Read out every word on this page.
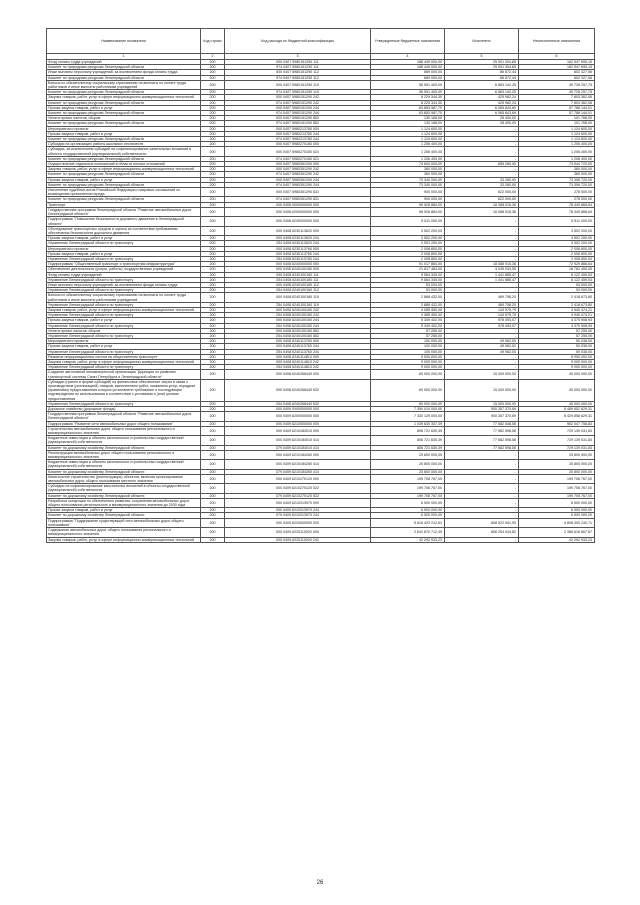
Наименование показателя	Код строки	Код расхода по бюджетной классификации	Утвержденные бюджетные назначения	Исполнено	Неисполненные назначения
1	2	3	4	5	6
Фонд оплаты труда учреждений	200	000 0407 5980151290 111	188 449 000,00	25 901 304,85	162 547 695,15
Комитет по природным ресурсам Ленинградской области	200	974 0407 5980151290 111	188 449 000,00	25 901 304,85	162 547 695,15
Иные выплаты персоналу учреждений, за исключением фонда оплаты труда	200	000 0407 5980151290 112	689 000,00	86 672,44	602 327,56
Комитет по природным ресурсам Ленинградской области	200	974 0407 5980151290 112	689 000,00	86 672,44	602 327,56
Взносы по обязательному социальному страхованию на выплаты по оплате труда работников и иные выплаты работникам учреждений	200	000 0407 5980151290 119	56 591 400,00	6 863 142,25	49 728 257,75
Комитет по природным ресурсам Ленинградской области	200	974 0407 5980151290 119	56 591 400,00	6 863 142,25	49 728 257,75
Закупка товаров, работ, услуг в сфере информационно-коммуникационных технологий	200	000 0407 5980151290 242	8 229 344,30	425 982,24	7 803 362,06
Комитет по природным ресурсам Ленинградской области	200	974 0407 5980151290 242	8 229 344,30	425 982,24	7 803 362,06
Прочая закупка товаров, работ и услуг	200	000 0407 5980151290 244	63 853 987,70	6 065 843,69	57 788 144,01
Комитет по природным ресурсам Ленинградской области	200	974 0407 5980151290 244	63 853 987,70	6 065 843,69	57 788 144,01
Уплата прочих налогов, сборов	200	000 0407 5980151290 852	130 168,00	28 400,00	101 768,00
Комитет по природным ресурсам Ленинградской области	200	974 0407 5980151290 852	130 168,00	28 400,00	101 768,00
Мероприятия и проекты	200	000 0407 5980213780 000	1 124 600,00	-	1 124 600,00
Прочая закупка товаров, работ и услуг	200	000 0407 5980213780 244	1 124 600,00	-	1 124 600,00
Комитет по природным ресурсам Ленинградской области	200	974 0407 5980213780 244	1 124 600,00	-	1 124 600,00
Субсидии на организацию работы школьных лесничеств	200	000 0407 5980270160 000	1 206 400,00	-	1 206 400,00
Субсидии, за исключением субсидий на софинансирование капитальных вложений в объекты государственной (муниципальной) собственности	200	000 0407 5980270160 521	1 206 400,00	-	1 206 400,00
Комитет по природным ресурсам Ленинградской области	200	974 0407 5980270160 521	1 206 400,00	-	1 206 400,00
Осуществление отдельных полномочий в области лесных отношений	200	000 0407 5980351290 000	74 600 000,00	655 280,00	73 944 720,00
Закупка товаров, работ, услуг в сфере информационно-коммуникационных технологий	200	000 0407 5980351290 242	360 000,00	-	360 000,00
Комитет по природным ресурсам Ленинградской области	200	974 0407 5980351290 242	360 000,00	-	360 000,00
Прочая закупка товаров, работ и услуг	200	000 0407 5980351290 244	73 340 000,00	33 280,00	73 306 720,00
Комитет по природным ресурсам Ленинградской области	200	974 0407 5980351290 244	73 340 000,00	33 280,00	73 306 720,00
Исполнение судебных актов Российской Федерации и мировых соглашений по возмещению причиненного вреда	200	000 0407 5980351290 831	900 000,00	622 000,00	278 000,00
Комитет по природным ресурсам Ленинградской области	200	974 0407 5980351290 831	900 000,00	622 000,00	278 000,00
Транспорт	200	000 0408 0000000000 000	96 528 884,00	18 088 015,36	78 440 868,64
Государственная программа Ленинградской области "Развитие автомобильных дорог Ленинградской области"	200	000 0408 6200000000 000	96 528 884,00	18 088 015,36	78 440 868,64
Подпрограмма "Повышение безопасности дорожного движения в Ленинградской области"	200	000 0408 6230000000 000	5 511 000,00	-	5 511 000,00
Обследование транспортных средств и оценка их соответствия требованиям обеспечения безопасности дорожного движения	200	000 0408 6230113620 000	3 502 200,00	-	3 502 200,00
Прочая закупка товаров, работ и услуг	200	000 0408 6230113620 244	3 502 200,00	-	3 502 200,00
Управление Ленинградской области по транспорту	200	254 0408 6230113620 244	3 502 200,00	-	3 502 200,00
Мероприятия и проекты	200	000 0408 6230113760 000	2 008 800,00	-	2 008 800,00
Прочая закупка товаров, работ и услуг	200	000 0408 6230113760 244	2 008 800,00	-	2 008 800,00
Управление Ленинградской области по транспорту	200	254 0408 6230113760 244	2 008 800,00	-	2 008 800,00
Подпрограмма "Общественный транспорт и транспортная инфраструктура"	200	000 0408 6240000000 000	91 017 884,00	18 088 015,36	72 929 868,64
Обеспечение деятельности (услуги, работы) государственных учреждений	200	000 0408 6240100160 000	21 817 484,00	3 035 033,95	18 782 450,05
Фонд оплаты труда учреждений	200	000 0408 6240100160 111	9 564 345,00	1 441 885,47	8 122 459,53
Управление Ленинградской области по транспорту	200	254 0408 6240100160 111	9 564 345,00	1 441 885,47	8 122 459,53
Иные выплаты персоналу учреждений, за исключением фонда оплаты труда	200	000 0408 6240100160 112	53 000,00	-	53 000,00
Управление Ленинградской области по транспорту	200	254 0408 6240100160 112	53 000,00	-	53 000,00
Взносы по обязательному социальному страхованию на выплаты по оплате труда работников и иные выплаты работникам учреждений	200	000 0408 6240100160 119	2 888 432,00	469 758,20	2 418 673,80
Управление Ленинградской области по транспорту	200	254 0408 6240100160 119	2 888 432,00	469 758,20	2 418 673,80
Закупка товаров, работ, услуг в сфере информационно-коммуникационных технологий	200	000 0408 6240100160 242	4 085 450,00	144 975,79	3 940 474,21
Управление Ленинградской области по транспорту	200	254 0408 6240100160 242	4 085 450,00	144 975,79	3 940 474,21
Прочая закупка товаров, работ и услуг	200	000 0408 6240100160 244	5 349 402,00	978 493,07	4 370 908,93
Управление Ленинградской области по транспорту	200	254 0408 6240100160 244	5 349 402,00	978 493,07	4 370 908,93
Уплата прочих налогов, сборов	200	000 0408 6240100160 852	57 255,00	-	57 255,00
Управление Ленинградской области по транспорту	200	254 0408 6240100160 852	57 255,00	-	57 255,00
Мероприятия и проекты	200	000 0408 6240113760 000	100 000,00	49 962,00	50 038,00
Прочая закупка товаров, работ и услуг	200	000 0408 6240113760 244	100 000,00	49 962,00	50 038,00
Управление Ленинградской области по транспорту	200	254 0408 6240113760 244	100 000,00	49 962,00	50 038,00
Развитие информационных систем на общественном транспорте	200	000 0408 6240114810 000	9 000 000,00	-	9 000 000,00
Закупка товаров, работ, услуг в сфере информационно-коммуникационных технологий	200	000 0408 6240114810 242	9 000 000,00	-	9 000 000,00
Управление Ленинградской области по транспорту	200	254 0408 6240114810 242	9 000 000,00	-	9 000 000,00
Создание автономной некоммерческой организации "Дирекция по развитию транспортной системы Санкт-Петербурга и Ленинградской области"	200	000 0408 6240266440 000	60 000 000,00	15 000 000,00	45 000 000,00
Субсидии (гранты в форме субсидий) на финансовое обеспечение затрат в связи с производством (реализацией) товаров, выполнением работ, оказанием услуг, порядком (правилами) предоставления которых установлено требование о последующем подтверждении их использования в соответствии с условиями и (или) целями предоставления	200	000 0408 6240266440 632	60 000 000,00	15 000 000,00	45 000 000,00
Управление Ленинградской области по транспорту	200	254 0408 6240266440 632	60 000 000,00	15 000 000,00	45 000 000,00
Дорожное хозяйство (дорожные фонды)	200	000 0409 0000000000 000	7 390 010 000,00	900 357 370,69	6 489 652 629,31
Государственная программа Ленинградской области "Развитие автомобильных дорог Ленинградской области"	200	000 0409 6200000000 000	7 330 129 000,00	900 357 370,69	6 429 858 629,31
Подпрограмма "Развитие сети автомобильных дорог общего пользования"	200	000 0409 6210000000 000	1 039 630 307,39	77 582 548,56	962 047 758,83
Строительство автомобильных дорог общего пользования регионального и межмуниципального значения	200	000 0409 6210184010 000	806 721 630,39	77 582 598,56	729 139 031,83
Бюджетные инвестиции в объекты капитального строительства государственной (муниципальной) собственности	200	000 0409 6210184010 414	806 721 630,39	77 582 598,56	729 139 031,83
Комитет по дорожному хозяйству Ленинградской области	200	079 0409 6210184010 414	806 721 630,39	77 582 598,56	729 139 031,83
Реконструкция автомобильных дорог общего пользования регионального и межмуниципального значения	200	000 0409 6210184260 000	25 800 000,00	-	25 800 000,00
Бюджетные инвестиции в объекты капитального строительства государственной (муниципальной) собственности	200	000 0409 6210184260 414	25 800 000,00	-	25 800 000,00
Комитет по дорожному хозяйству Ленинградской области	200	079 0409 6210184260 414	25 800 000,00	-	25 800 000,00
Капитальное строительство (реконструкция) объектов, включая проектирование автомобильных дорог общего пользования местного значения	200	000 0409 6210270120 000	199 708 767,00	-	199 708 767,00
Субсидии на софинансирование капитальных вложений в объекты государственной (муниципальной) собственности	200	000 0409 6210270120 522	199 708 767,00	-	199 708 767,00
Комитет по дорожному хозяйству Ленинградской области	200	079 0409 6210270120 522	199 708 767,00	-	199 708 767,00
Разработка концепции по обеспечению развития, сохранения автомобильных дорог общего пользования регионального и межмуниципального значения до 2030 года	200	000 0409 6210313970 000	6 500 000,00	-	6 500 000,00
Прочая закупка товаров, работ и услуг	200	000 0409 6210313970 244	6 500 000,00	-	6 500 000,00
Комитет по дорожному хозяйству Ленинградской области	200	079 0409 6210313970 244	6 500 000,00	-	6 500 000,00
Подпрограмма "Поддержание существующей сети автомобильных дорог общего пользования"	200	000 0409 6220000000 000	5 616 423 212,61	808 022 941,90	4 808 400 240,71
Содержание автомобильных дорог общего пользования регионального и межмуниципального значения	200	000 0409 6220110020 000	2 642 870 712,49	656 254 044,82	2 386 616 667,67
Закупка товаров, работ, услуг в сфере информационно-коммуникационных технологий	200	000 0409 6220110020 242	42 292 933,23	-	42 292 933,23
26
